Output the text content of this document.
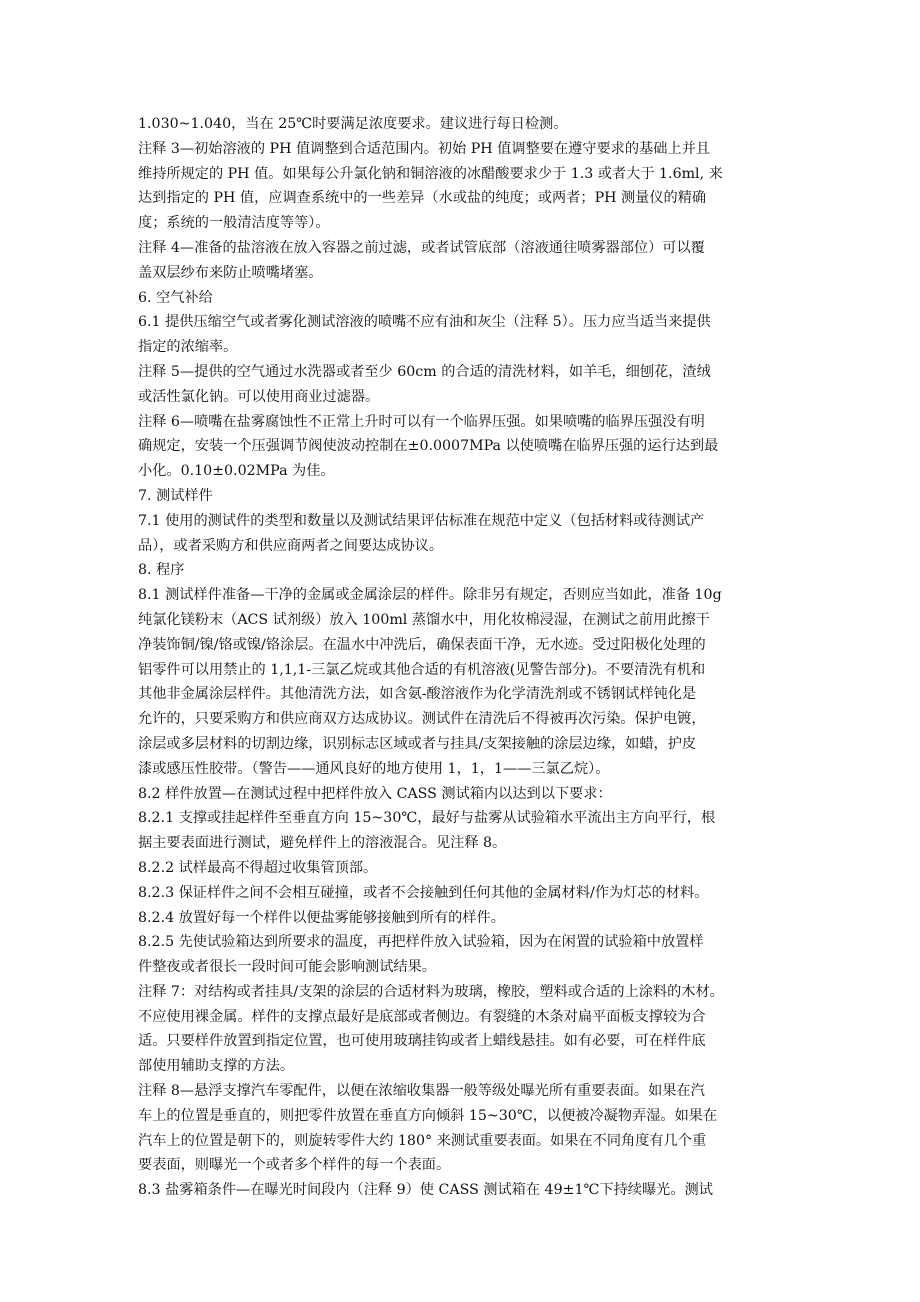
1.030~1.040，当在 25℃时要满足浓度要求。建议进行每日检测。
注释 3—初始溶液的 PH 值调整到合适范围内。初始 PH 值调整要在遵守要求的基础上并且
维持所规定的 PH 值。如果每公升氯化钠和铜溶液的冰醋酸要求少于 1.3 或者大于 1.6ml, 来
达到指定的 PH 值，应调查系统中的一些差异（水或盐的纯度；或两者；PH 测量仪的精确
度；系统的一般清洁度等等）。
注释 4—准备的盐溶液在放入容器之前过滤，或者试管底部（溶液通往喷雾器部位）可以覆
盖双层纱布来防止喷嘴堵塞。
6. 空气补给
6.1 提供压缩空气或者雾化测试溶液的喷嘴不应有油和灰尘（注释 5）。压力应当适当来提供
指定的浓缩率。
注释 5—提供的空气通过水洗器或者至少 60cm 的合适的清洗材料，如羊毛，细刨花，渣绒
或活性氯化钠。可以使用商业过滤器。
注释 6—喷嘴在盐雾腐蚀性不正常上升时可以有一个临界压强。如果喷嘴的临界压强没有明
确规定，安装一个压强调节阀使波动控制在±0.0007MPa 以使喷嘴在临界压强的运行达到最
小化。0.10±0.02MPa 为佳。
7. 测试样件
7.1 使用的测试件的类型和数量以及测试结果评估标准在规范中定义（包括材料或待测试产
品），或者采购方和供应商两者之间要达成协议。
8. 程序
8.1 测试样件准备—干净的金属或金属涂层的样件。除非另有规定，否则应当如此，准备 10g
纯氯化镁粉末（ACS 试剂级）放入 100ml 蒸馏水中，用化妆棉浸湿，在测试之前用此擦干
净装饰铜/镍/铬或镍/铬涂层。在温水中冲洗后，确保表面干净，无水迹。受过阳极化处理的
铝零件可以用禁止的 1,1,1-三氯乙烷或其他合适的有机溶液(见警告部分)。不要清洗有机和
其他非金属涂层样件。其他清洗方法，如含氨-酸溶液作为化学清洗剂或不锈钢试样钝化是
允许的，只要采购方和供应商双方达成协议。测试件在清洗后不得被再次污染。保护电镀，
涂层或多层材料的切割边缘，识别标志区域或者与挂具/支架接触的涂层边缘，如蜡，护皮
漆或感压性胶带。（警告——通风良好的地方使用 1，1，1——三氯乙烷）。
8.2 样件放置—在测试过程中把样件放入 CASS 测试箱内以达到以下要求：
8.2.1 支撑或挂起样件至垂直方向 15~30℃，最好与盐雾从试验箱水平流出主方向平行，根
据主要表面进行测试，避免样件上的溶液混合。见注释 8。
8.2.2 试样最高不得超过收集管顶部。
8.2.3 保证样件之间不会相互碰撞，或者不会接触到任何其他的金属材料/作为灯芯的材料。
8.2.4 放置好每一个样件以便盐雾能够接触到所有的样件。
8.2.5 先使试验箱达到所要求的温度，再把样件放入试验箱，因为在闲置的试验箱中放置样
件整夜或者很长一段时间可能会影响测试结果。
注释 7：对结构或者挂具/支架的涂层的合适材料为玻璃，橡胶，塑料或合适的上涂料的木材。
不应使用裸金属。样件的支撑点最好是底部或者侧边。有裂缝的木条对扁平面板支撑较为合
适。只要样件放置到指定位置，也可使用玻璃挂钩或者上蜡线悬挂。如有必要，可在样件底
部使用辅助支撑的方法。
注释 8—悬浮支撑汽车零配件，以便在浓缩收集器一般等级处曝光所有重要表面。如果在汽
车上的位置是垂直的，则把零件放置在垂直方向倾斜 15~30℃，以便被冷凝物弄湿。如果在
汽车上的位置是朝下的，则旋转零件大约 180° 来测试重要表面。如果在不同角度有几个重
要表面，则曝光一个或者多个样件的每一个表面。
8.3 盐雾箱条件—在曝光时间段内（注释 9）使 CASS 测试箱在 49±1℃下持续曝光。测试
